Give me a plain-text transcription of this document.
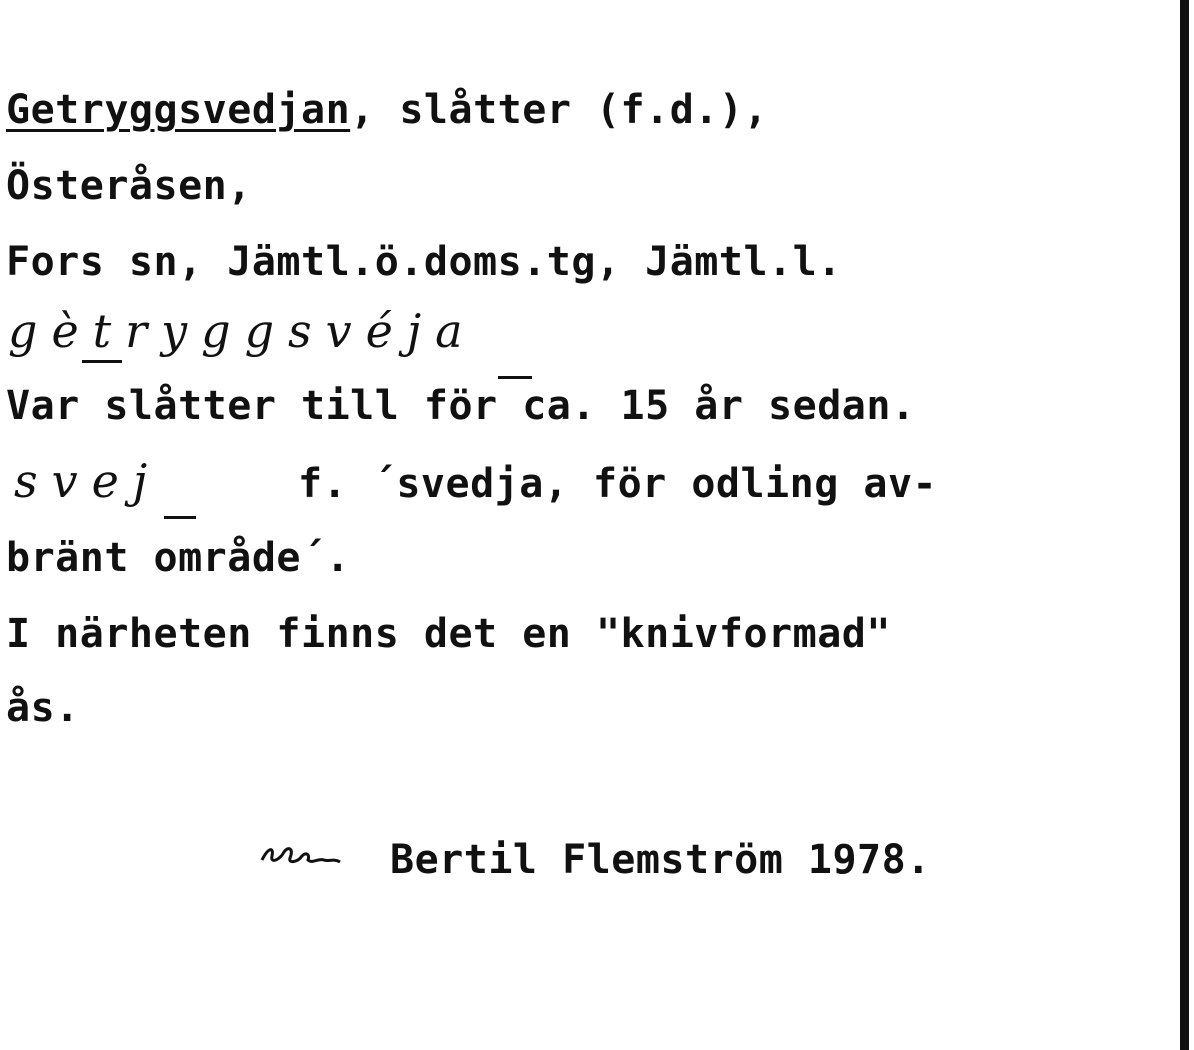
Getryggsvedjan, slåtter (f.d.),
Österåsen,
Fors sn, Jämtl.ö.doms.tg, Jämtl.l.
gètryggsvéja
Var slåtter till för ca. 15 år sedan.
svej	f. ´svedja, för odling av-
bränt område´.
I närheten finns det en "knivformad"
ås.
Bertil Flemström 1978.
